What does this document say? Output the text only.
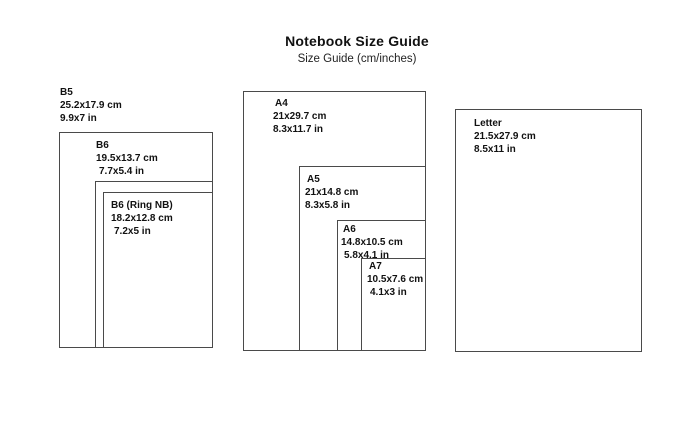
Notebook Size Guide
Size Guide (cm/inches)
B5
25.2x17.9 cm
9.9x7 in
B6
19.5x13.7 cm
7.7x5.4 in
B6 (Ring NB)
18.2x12.8 cm
7.2x5 in
A4
21x29.7 cm
8.3x11.7 in
A5
21x14.8 cm
8.3x5.8 in
A6
14.8x10.5 cm
5.8x4.1 in
A7
10.5x7.6 cm
4.1x3 in
Letter
21.5x27.9 cm
8.5x11 in
